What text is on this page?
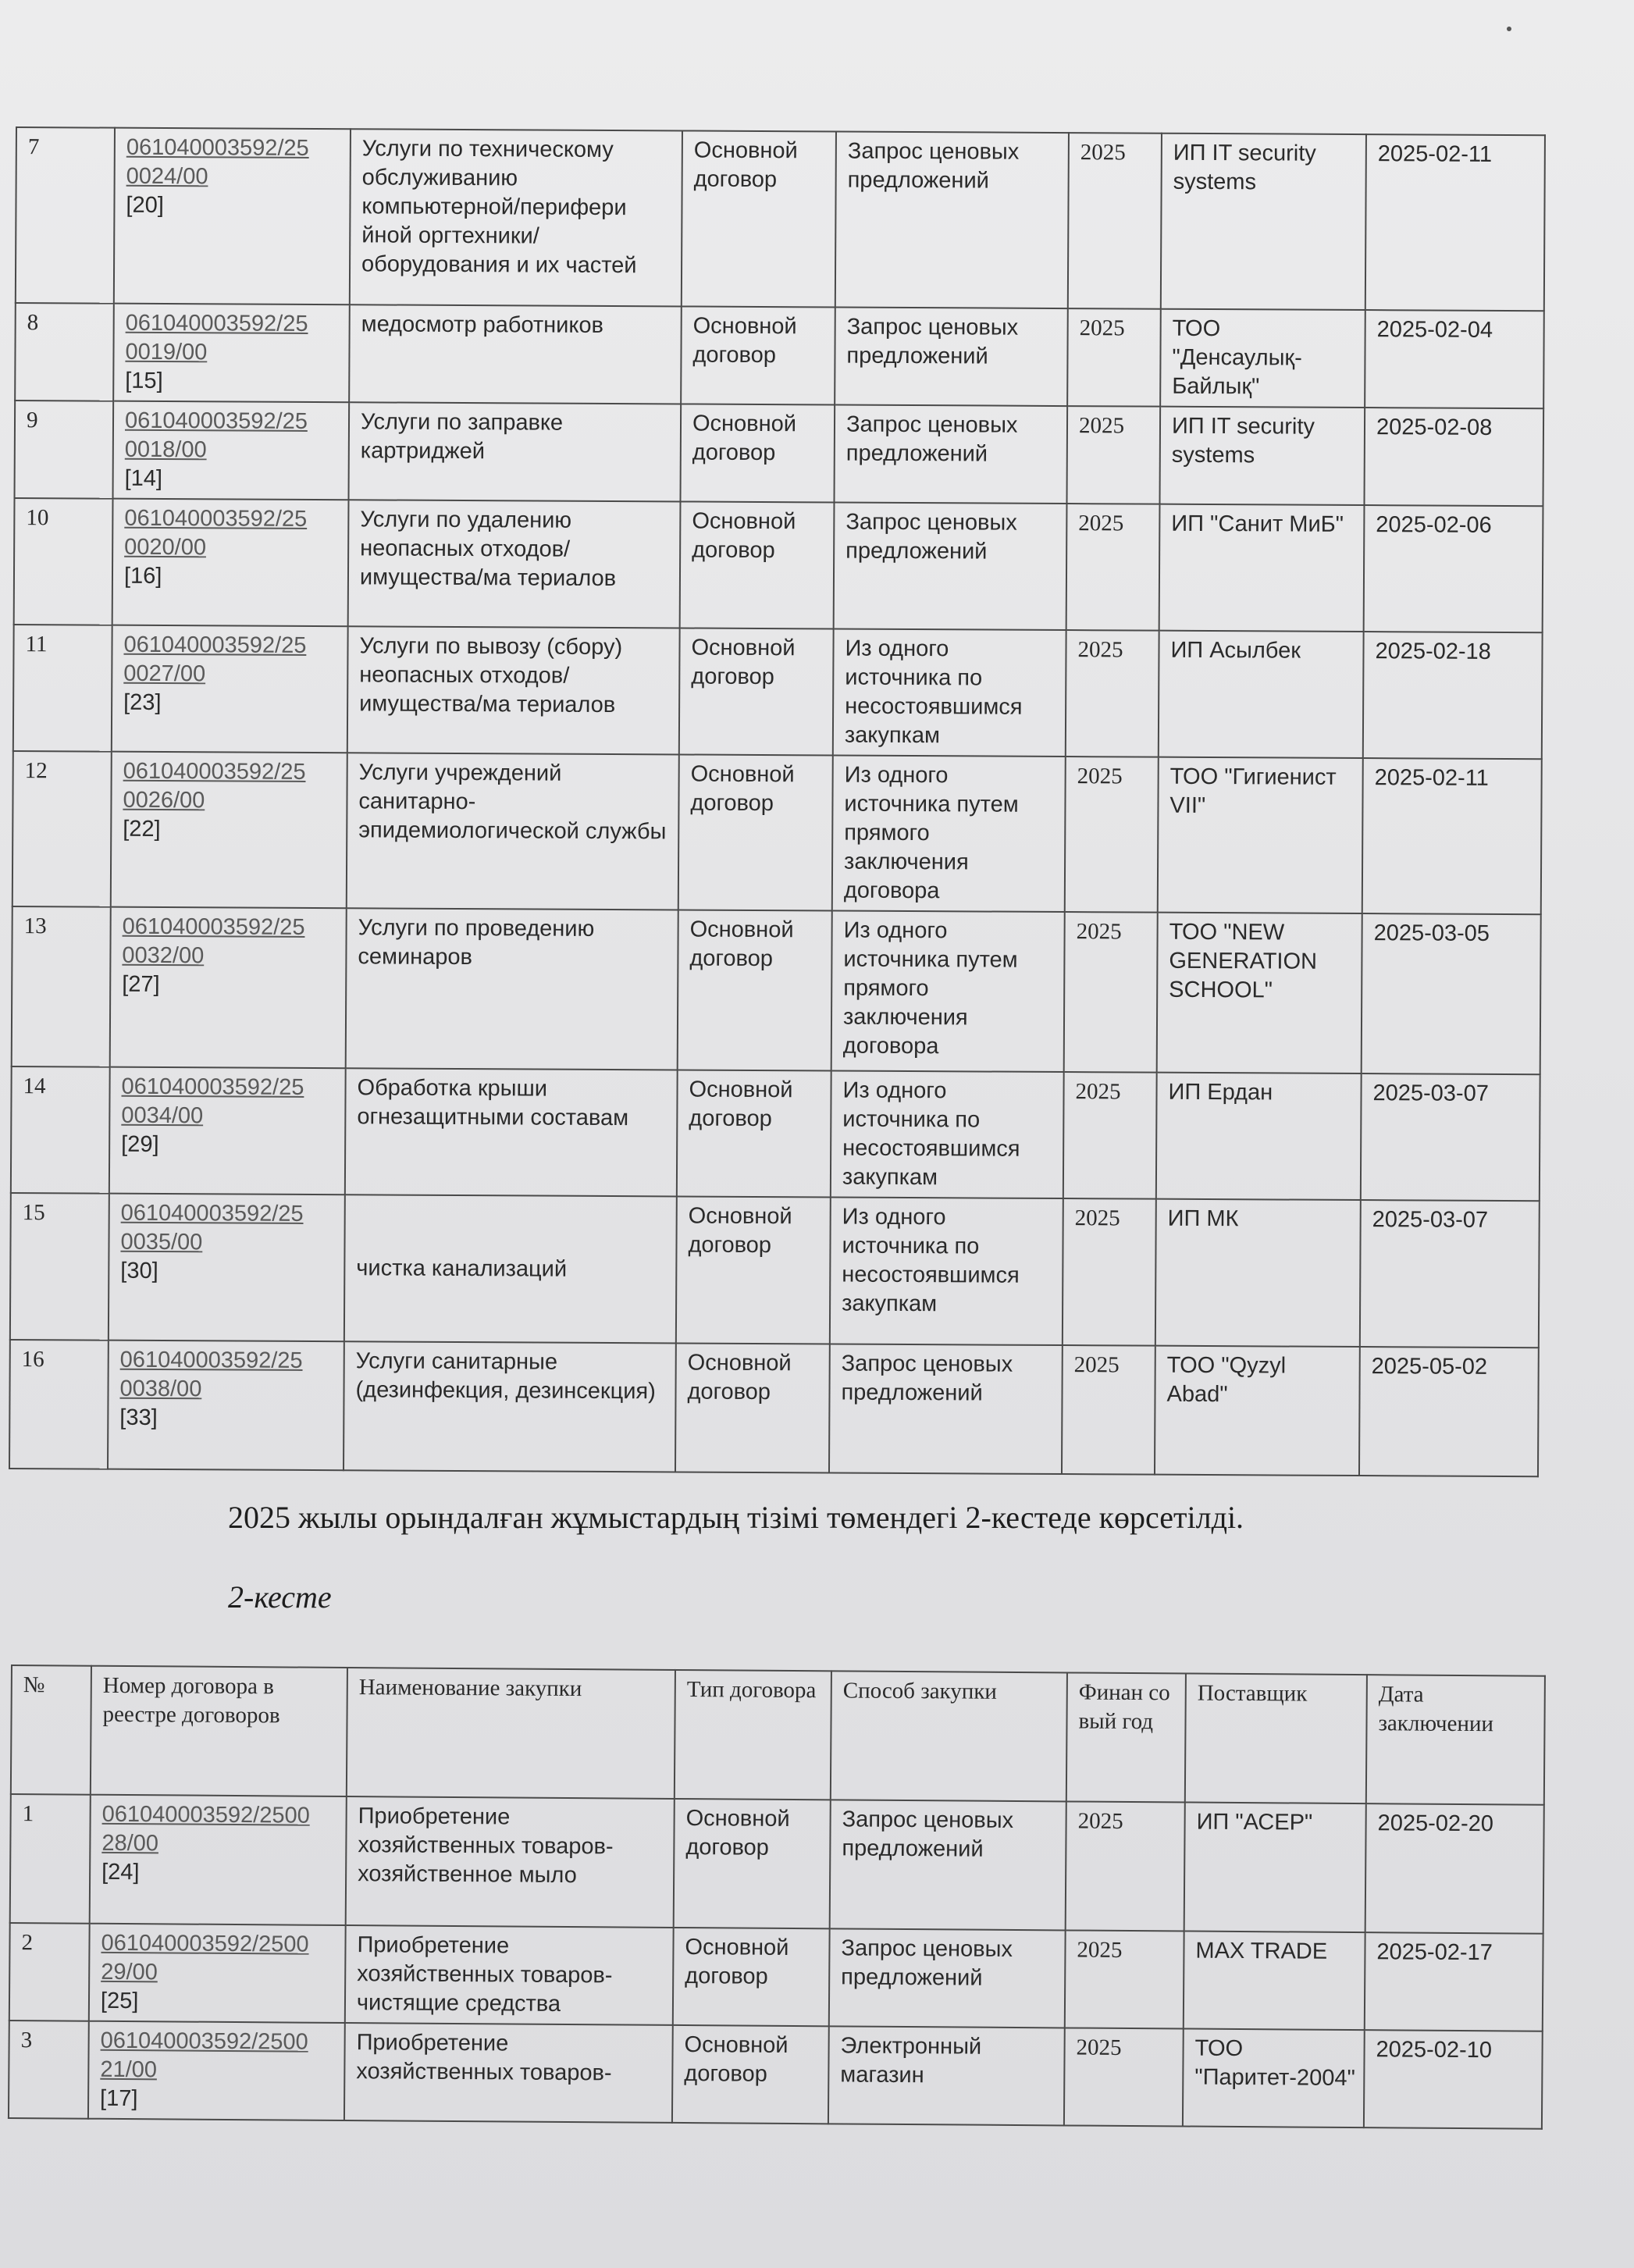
7	061040003592/25
0024/00
[20]	Услуги по техническому обслуживанию компьютерной/перифери йной оргтехники/оборудования и их частей	Основной договор	Запрос ценовых предложений	2025	ИП IT security systems	2025-02-11
8	061040003592/25
0019/00
[15]	медосмотр работников	Основной договор	Запрос ценовых предложений	2025	ТОО "Денсаулық-Байлық"	2025-02-04
9	061040003592/25
0018/00
[14]	Услуги по заправке картриджей	Основной договор	Запрос ценовых предложений	2025	ИП IT security systems	2025-02-08
10	061040003592/25
0020/00
[16]	Услуги по удалению неопасных отходов/имущества/ма териалов	Основной договор	Запрос ценовых предложений	2025	ИП "Санит МиБ"	2025-02-06
11	061040003592/25
0027/00
[23]	Услуги по вывозу (сбору) неопасных отходов/имущества/ма териалов	Основной договор	Из одного источника по несостоявшимся закупкам	2025	ИП Асылбек	2025-02-18
12	061040003592/25
0026/00
[22]	Услуги учреждений санитарно-эпидемиологической службы	Основной договор	Из одного источника путем прямого заключения договора	2025	ТОО "Гигиенист VII"	2025-02-11
13	061040003592/25
0032/00
[27]	Услуги по проведению семинаров	Основной договор	Из одного источника путем прямого заключения договора	2025	ТОО "NEW GENERATION SCHOOL"	2025-03-05
14	061040003592/25
0034/00
[29]	Обработка крыши огнезащитными составам	Основной договор	Из одного источника по несостоявшимся закупкам	2025	ИП Ердан	2025-03-07
15	061040003592/25
0035/00
[30]	чистка канализаций	Основной договор	Из одного источника по несостоявшимся закупкам	2025	ИП МК	2025-03-07
16	061040003592/25
0038/00
[33]	Услуги санитарные (дезинфекция, дезинсекция)	Основной договор	Запрос ценовых предложений	2025	ТОО "Qyzyl Abad"	2025-05-02
2025 жылы орындалған жұмыстардың тізімі төмендегі 2-кестеде көрсетілді.
2-кесте
№	Номер договора в реестре договоров	Наименование закупки	Тип договора	Способ закупки	Финан со вый год	Поставщик	Дата заключении
1	061040003592/2500
28/00
[24]	Приобретение хозяйственных товаров-хозяйственное мыло	Основной договор	Запрос ценовых предложений	2025	ИП "АСЕР"	2025-02-20
2	061040003592/2500
29/00
[25]	Приобретение хозяйственных товаров-чистящие средства	Основной договор	Запрос ценовых предложений	2025	MAX TRADE	2025-02-17
3	061040003592/2500
21/00
[17]	Приобретение хозяйственных товаров-	Основной договор	Электронный магазин	2025	ТОО "Паритет-2004"	2025-02-10
